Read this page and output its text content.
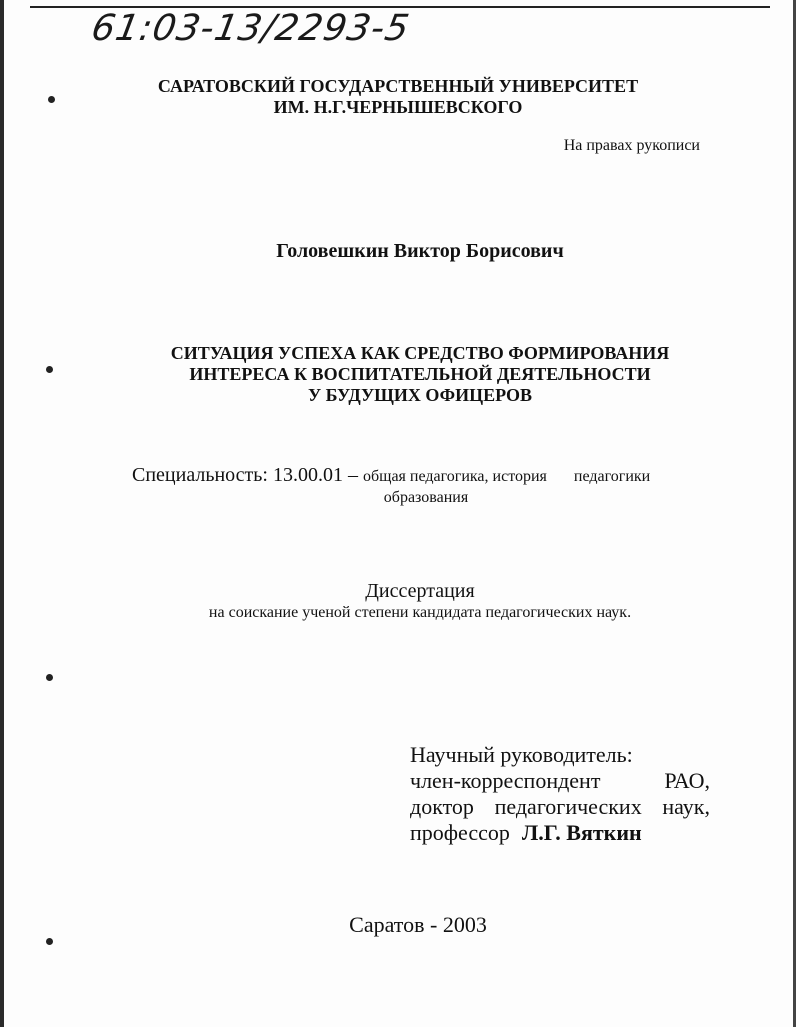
61:03-13/2293-5
САРАТОВСКИЙ ГОСУДАРСТВЕННЫЙ УНИВЕРСИТЕТ
ИМ. Н.Г.ЧЕРНЫШЕВСКОГО
На правах рукописи
Головешкин Виктор Борисович
СИТУАЦИЯ УСПЕХА КАК СРЕДСТВО ФОРМИРОВАНИЯ
ИНТЕРЕСА К ВОСПИТАТЕЛЬНОЙ ДЕЯТЕЛЬНОСТИ
У БУДУЩИХ ОФИЦЕРОВ
Специальность: 13.00.01 – общая педагогика, история педагогики
образования
Диссертация
на соискание ученой степени кандидата педагогических наук.
Научный руководитель:
член-корреспондент	РАО,
доктор педагогических наук,
профессор Л.Г. Вяткин
Саратов - 2003
